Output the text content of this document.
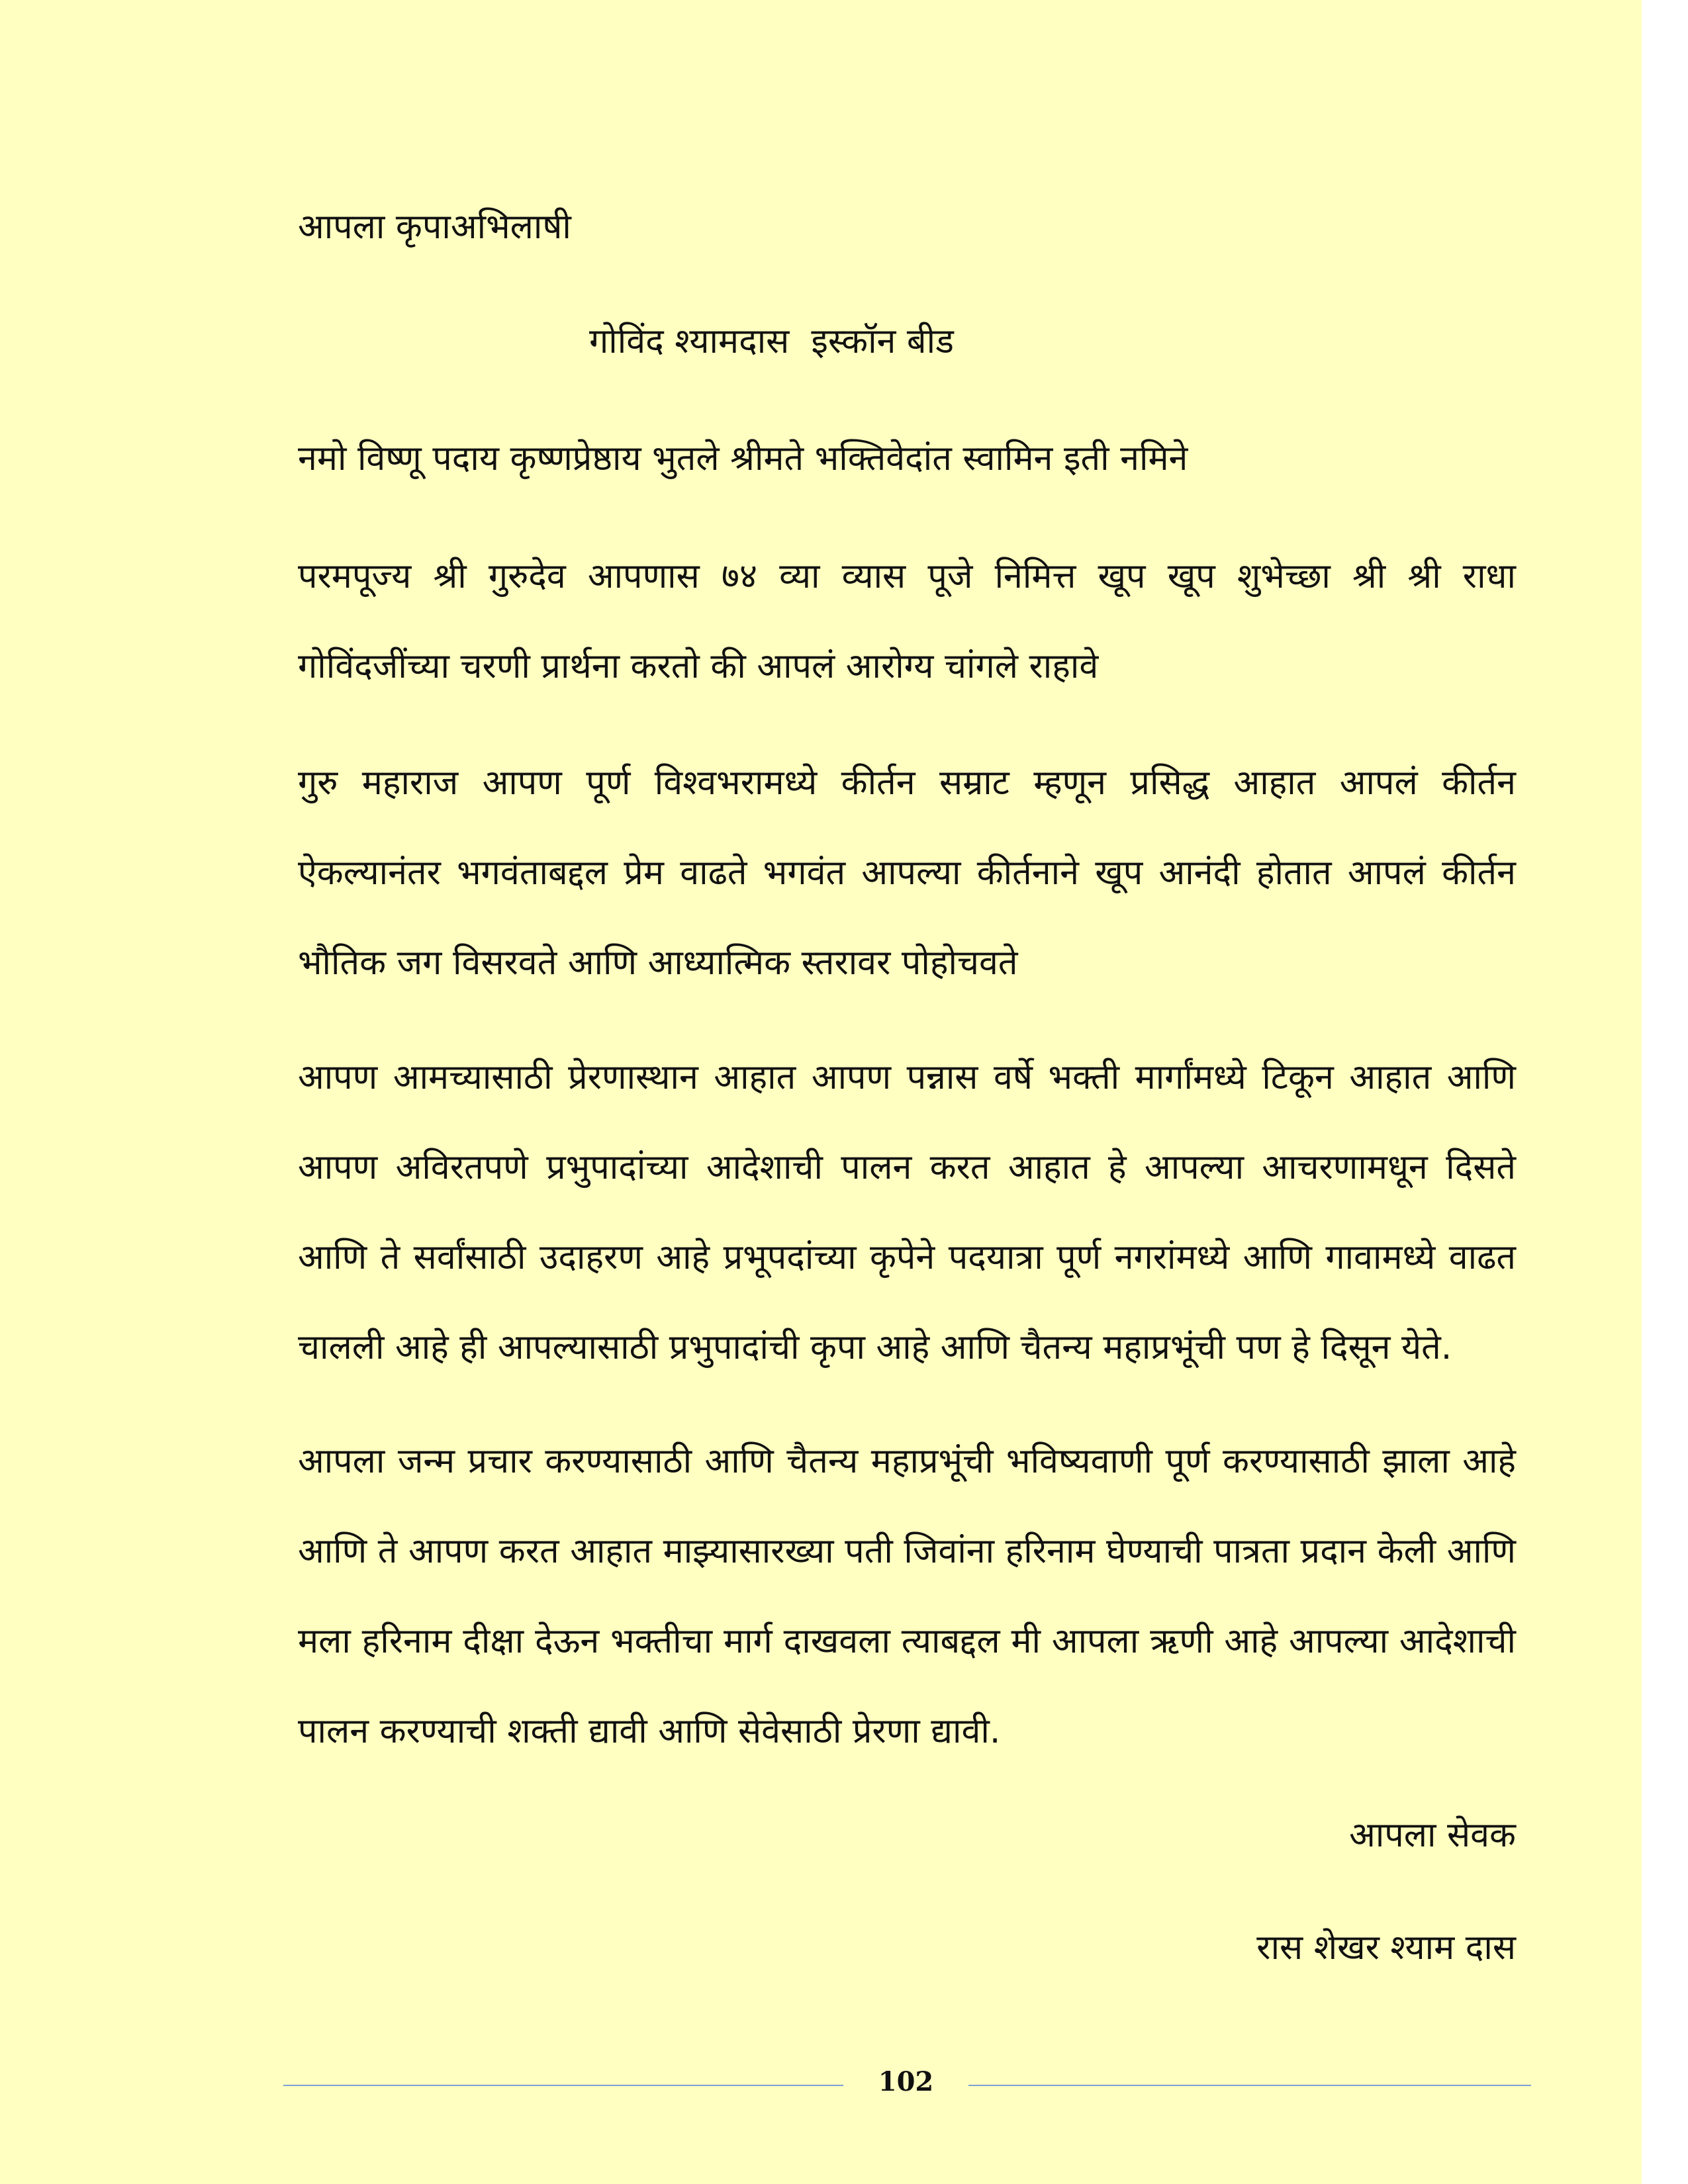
आपला कृपाअभिलाषी
गोविंद श्यामदास  इस्कॉन बीड
नमो विष्णू पदाय कृष्णप्रेष्ठाय भुतले श्रीमते भक्तिवेदांत स्वामिन इती नमिने

परमपूज्य श्री गुरुदेव आपणास ७४ व्या व्यास पूजे निमित्त खूप खूप शुभेच्छा श्री श्री राधा गोविंदजींच्या चरणी प्रार्थना करतो की आपलं आरोग्य चांगले राहावे

गुरु महाराज आपण पूर्ण विश्वभरामध्ये कीर्तन सम्राट म्हणून प्रसिद्ध आहात आपलं कीर्तन ऐकल्यानंतर भगवंताबद्दल प्रेम वाढते भगवंत आपल्या कीर्तनाने खूप आनंदी होतात आपलं कीर्तन भौतिक जग विसरवते आणि आध्यात्मिक स्तरावर पोहोचवते

आपण आमच्यासाठी प्रेरणास्थान आहात आपण पन्नास वर्षे भक्ती मार्गांमध्ये टिकून आहात आणि आपण अविरतपणे प्रभुपादांच्या आदेशाची पालन करत आहात हे आपल्या आचरणामधून दिसते आणि ते सर्वांसाठी उदाहरण आहे प्रभूपदांच्या कृपेने पदयात्रा पूर्ण नगरांमध्ये आणि गावामध्ये वाढत चालली आहे ही आपल्यासाठी प्रभुपादांची कृपा आहे आणि चैतन्य महाप्रभूंची पण हे दिसून येते.

आपला जन्म प्रचार करण्यासाठी आणि चैतन्य महाप्रभूंची भविष्यवाणी पूर्ण करण्यासाठी झाला आहे आणि ते आपण करत आहात माझ्यासारख्या पती जिवांना हरिनाम घेण्याची पात्रता प्रदान केली आणि मला हरिनाम दीक्षा देऊन भक्तीचा मार्ग दाखवला त्याबद्दल मी आपला ऋणी आहे आपल्या आदेशाची पालन करण्याची शक्ती द्यावी आणि सेवेसाठी प्रेरणा द्यावी.

आपला सेवक
रास शेखर श्याम दास
102
